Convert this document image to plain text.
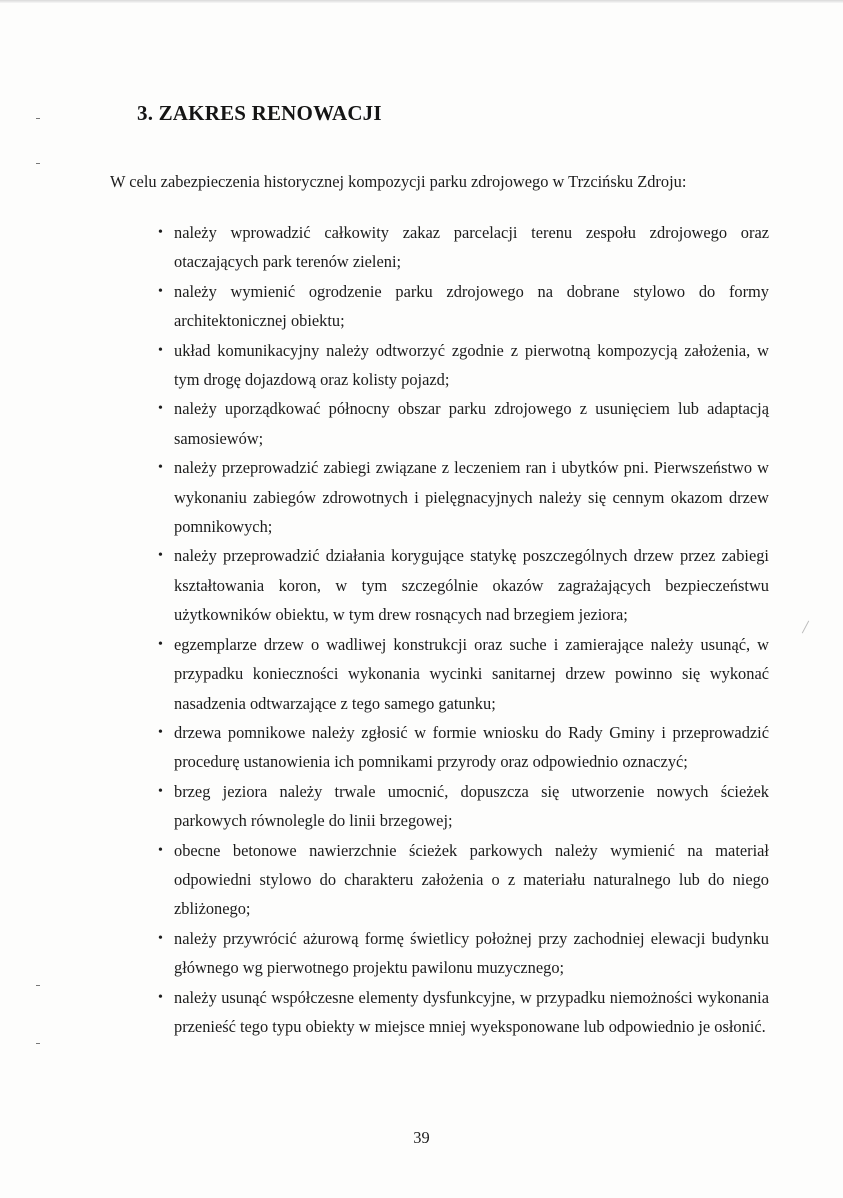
3. ZAKRES RENOWACJI

W celu zabezpieczenia historycznej kompozycji parku zdrojowego w Trzcińsku Zdroju:

• należy wprowadzić całkowity zakaz parcelacji terenu zespołu zdrojowego oraz otaczających park terenów zieleni;
• należy wymienić ogrodzenie parku zdrojowego na dobrane stylowo do formy architektonicznej obiektu;
• układ komunikacyjny należy odtworzyć zgodnie z pierwotną kompozycją założenia, w tym drogę dojazdową oraz kolisty pojazd;
• należy uporządkować północny obszar parku zdrojowego z usunięciem lub adaptacją samosiewów;
• należy przeprowadzić zabiegi związane z leczeniem ran i ubytków pni. Pierwszeństwo w wykonaniu zabiegów zdrowotnych i pielęgnacyjnych należy się cennym okazom drzew pomnikowych;
• należy przeprowadzić działania korygujące statykę poszczególnych drzew przez zabiegi kształtowania koron, w tym szczególnie okazów zagrażających bezpieczeństwu użytkowników obiektu, w tym drew rosnących nad brzegiem jeziora;
• egzemplarze drzew o wadliwej konstrukcji oraz suche i zamierające należy usunąć, w przypadku konieczności wykonania wycinki sanitarnej drzew powinno się wykonać nasadzenia odtwarzające z tego samego gatunku;
• drzewa pomnikowe należy zgłosić w formie wniosku do Rady Gminy i przeprowadzić procedurę ustanowienia ich pomnikami przyrody oraz odpowiednio oznaczyć;
• brzeg jeziora należy trwale umocnić, dopuszcza się utworzenie nowych ścieżek parkowych równolegle do linii brzegowej;
• obecne betonowe nawierzchnie ścieżek parkowych należy wymienić na materiał odpowiedni stylowo do charakteru założenia o z materiału naturalnego lub do niego zbliżonego;
• należy przywrócić ażurową formę świetlicy położnej przy zachodniej elewacji budynku głównego wg pierwotnego projektu pawilonu muzycznego;
• należy usunąć współczesne elementy dysfunkcyjne, w przypadku niemożności wykonania przenieść tego typu obiekty w miejsce mniej wyeksponowane lub odpowiednio je osłonić.
39
